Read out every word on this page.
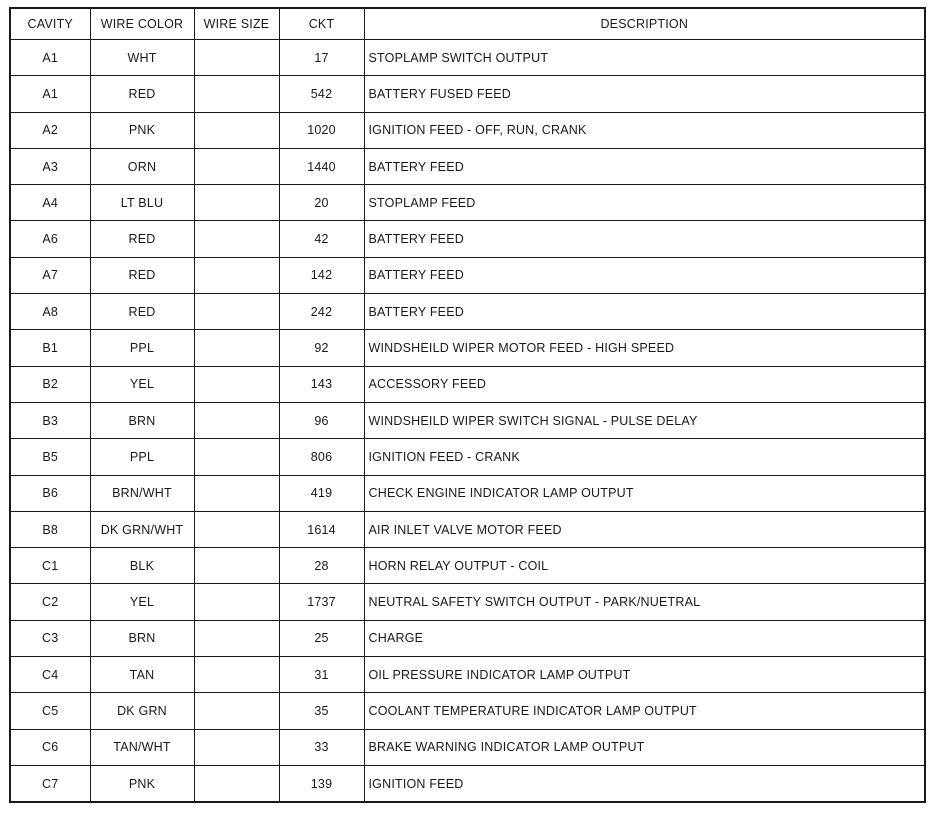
CAVITY	WIRE COLOR	WIRE SIZE	CKT	DESCRIPTION
A1	WHT		17	STOPLAMP SWITCH OUTPUT
A1	RED		542	BATTERY FUSED FEED
A2	PNK		1020	IGNITION FEED - OFF, RUN, CRANK
A3	ORN		1440	BATTERY FEED
A4	LT BLU		20	STOPLAMP FEED
A6	RED		42	BATTERY FEED
A7	RED		142	BATTERY FEED
A8	RED		242	BATTERY FEED
B1	PPL		92	WINDSHEILD WIPER MOTOR FEED - HIGH SPEED
B2	YEL		143	ACCESSORY FEED
B3	BRN		96	WINDSHEILD WIPER SWITCH SIGNAL - PULSE DELAY
B5	PPL		806	IGNITION FEED - CRANK
B6	BRN/WHT		419	CHECK ENGINE INDICATOR LAMP OUTPUT
B8	DK GRN/WHT		1614	AIR INLET VALVE MOTOR FEED
C1	BLK		28	HORN RELAY OUTPUT - COIL
C2	YEL		1737	NEUTRAL SAFETY SWITCH OUTPUT - PARK/NUETRAL
C3	BRN		25	CHARGE
C4	TAN		31	OIL PRESSURE INDICATOR LAMP OUTPUT
C5	DK GRN		35	COOLANT TEMPERATURE INDICATOR LAMP OUTPUT
C6	TAN/WHT		33	BRAKE WARNING INDICATOR LAMP OUTPUT
C7	PNK		139	IGNITION FEED
